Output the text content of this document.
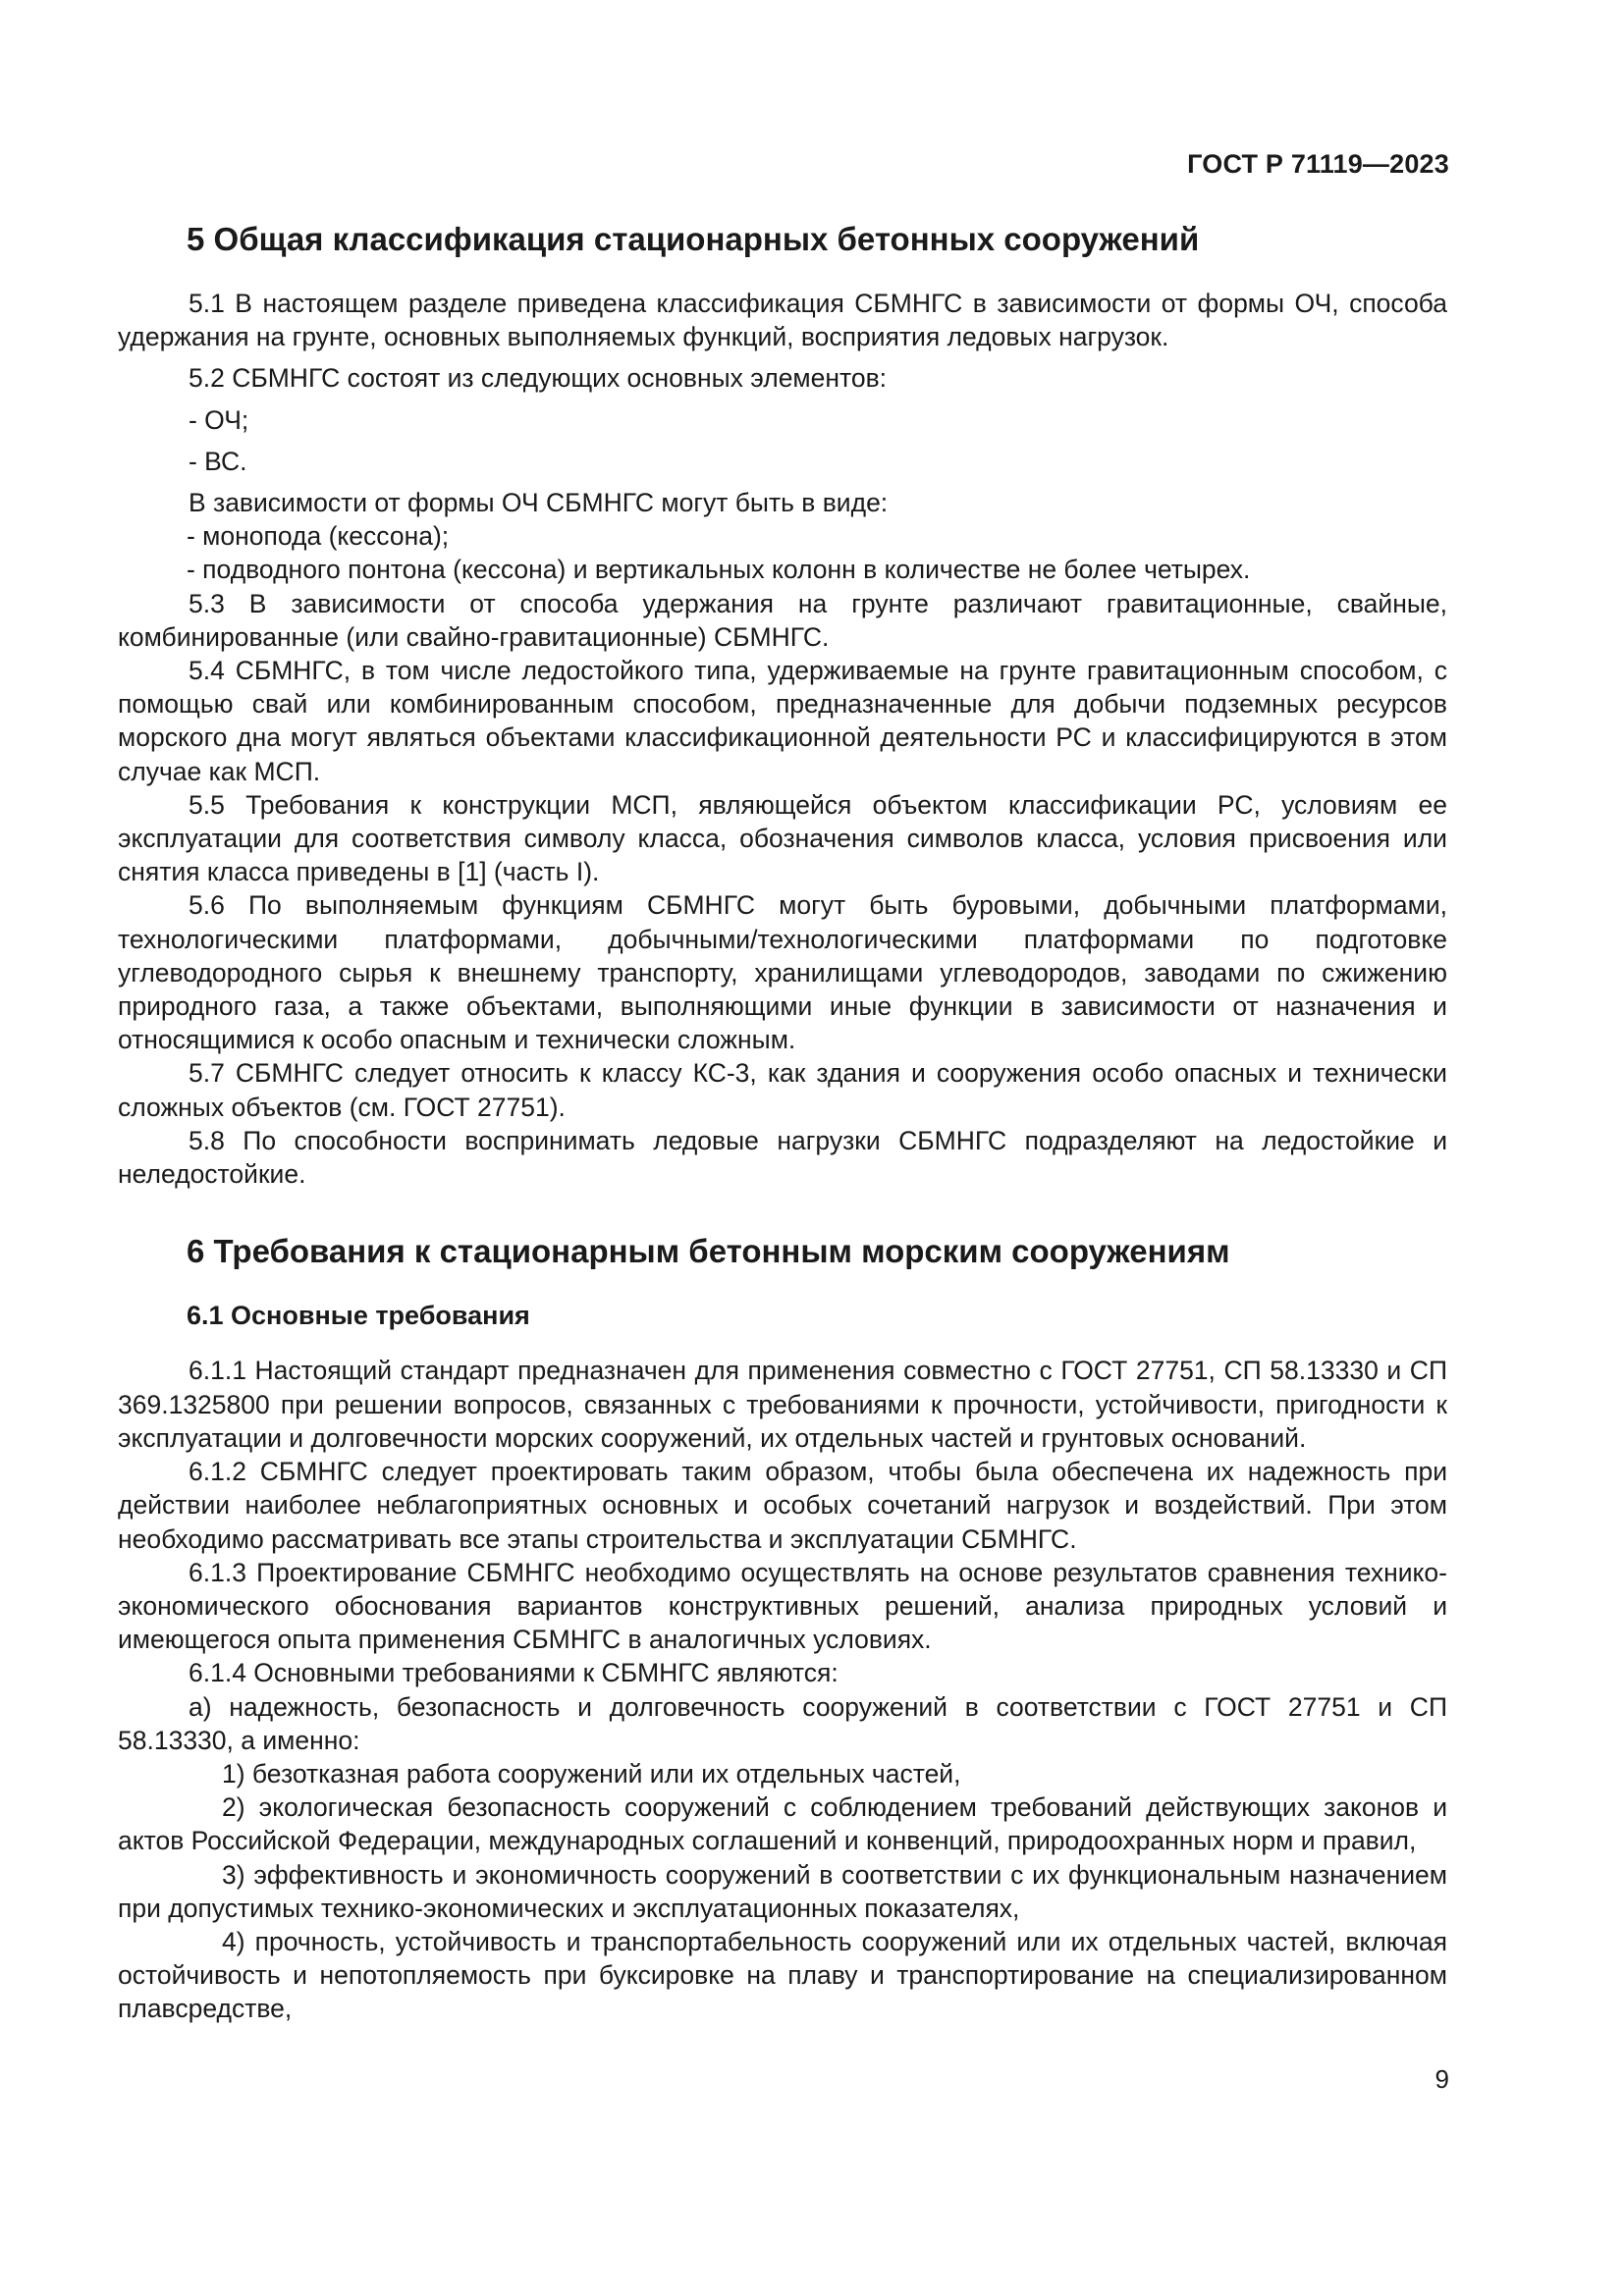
ГОСТ Р 71119—2023

5 Общая классификация стационарных бетонных сооружений

5.1 В настоящем разделе приведена классификация СБМНГС в зависимости от формы ОЧ, способа удержания на грунте, основных выполняемых функций, восприятия ледовых нагрузок.

5.2 СБМНГС состоят из следующих основных элементов:

- ОЧ;

- ВС.

В зависимости от формы ОЧ СБМНГС могут быть в виде:

- монопода (кессона);

- подводного понтона (кессона) и вертикальных колонн в количестве не более четырех.

5.3 В зависимости от способа удержания на грунте различают гравитационные, свайные, комбинированные (или свайно-гравитационные) СБМНГС.

5.4 СБМНГС, в том числе ледостойкого типа, удерживаемые на грунте гравитационным способом, с помощью свай или комбинированным способом, предназначенные для добычи подземных ресурсов морского дна могут являться объектами классификационной деятельности РС и классифицируются в этом случае как МСП.

5.5 Требования к конструкции МСП, являющейся объектом классификации РС, условиям ее эксплуатации для соответствия символу класса, обозначения символов класса, условия присвоения или снятия класса приведены в [1] (часть I).

5.6 По выполняемым функциям СБМНГС могут быть буровыми, добычными платформами, технологическими платформами, добычными/технологическими платформами по подготовке углеводородного сырья к внешнему транспорту, хранилищами углеводородов, заводами по сжижению природного газа, а также объектами, выполняющими иные функции в зависимости от назначения и относящимися к особо опасным и технически сложным.

5.7 СБМНГС следует относить к классу КС-3, как здания и сооружения особо опасных и технически сложных объектов (см. ГОСТ 27751).

5.8 По способности воспринимать ледовые нагрузки СБМНГС подразделяют на ледостойкие и неледостойкие.

6 Требования к стационарным бетонным морским сооружениям

6.1 Основные требования

6.1.1 Настоящий стандарт предназначен для применения совместно с ГОСТ 27751, СП 58.13330 и СП 369.1325800 при решении вопросов, связанных с требованиями к прочности, устойчивости, пригодности к эксплуатации и долговечности морских сооружений, их отдельных частей и грунтовых оснований.

6.1.2 СБМНГС следует проектировать таким образом, чтобы была обеспечена их надежность при действии наиболее неблагоприятных основных и особых сочетаний нагрузок и воздействий. При этом необходимо рассматривать все этапы строительства и эксплуатации СБМНГС.

6.1.3 Проектирование СБМНГС необходимо осуществлять на основе результатов сравнения технико-экономического обоснования вариантов конструктивных решений, анализа природных условий и имеющегося опыта применения СБМНГС в аналогичных условиях.

6.1.4 Основными требованиями к СБМНГС являются:

а) надежность, безопасность и долговечность сооружений в соответствии с ГОСТ 27751 и СП 58.13330, а именно:

1) безотказная работа сооружений или их отдельных частей,

2) экологическая безопасность сооружений с соблюдением требований действующих законов и актов Российской Федерации, международных соглашений и конвенций, природоохранных норм и правил,

3) эффективность и экономичность сооружений в соответствии с их функциональным назначением при допустимых технико-экономических и эксплуатационных показателях,

4) прочность, устойчивость и транспортабельность сооружений или их отдельных частей, включая остойчивость и непотопляемость при буксировке на плаву и транспортирование на специализированном плавсредстве,

9
